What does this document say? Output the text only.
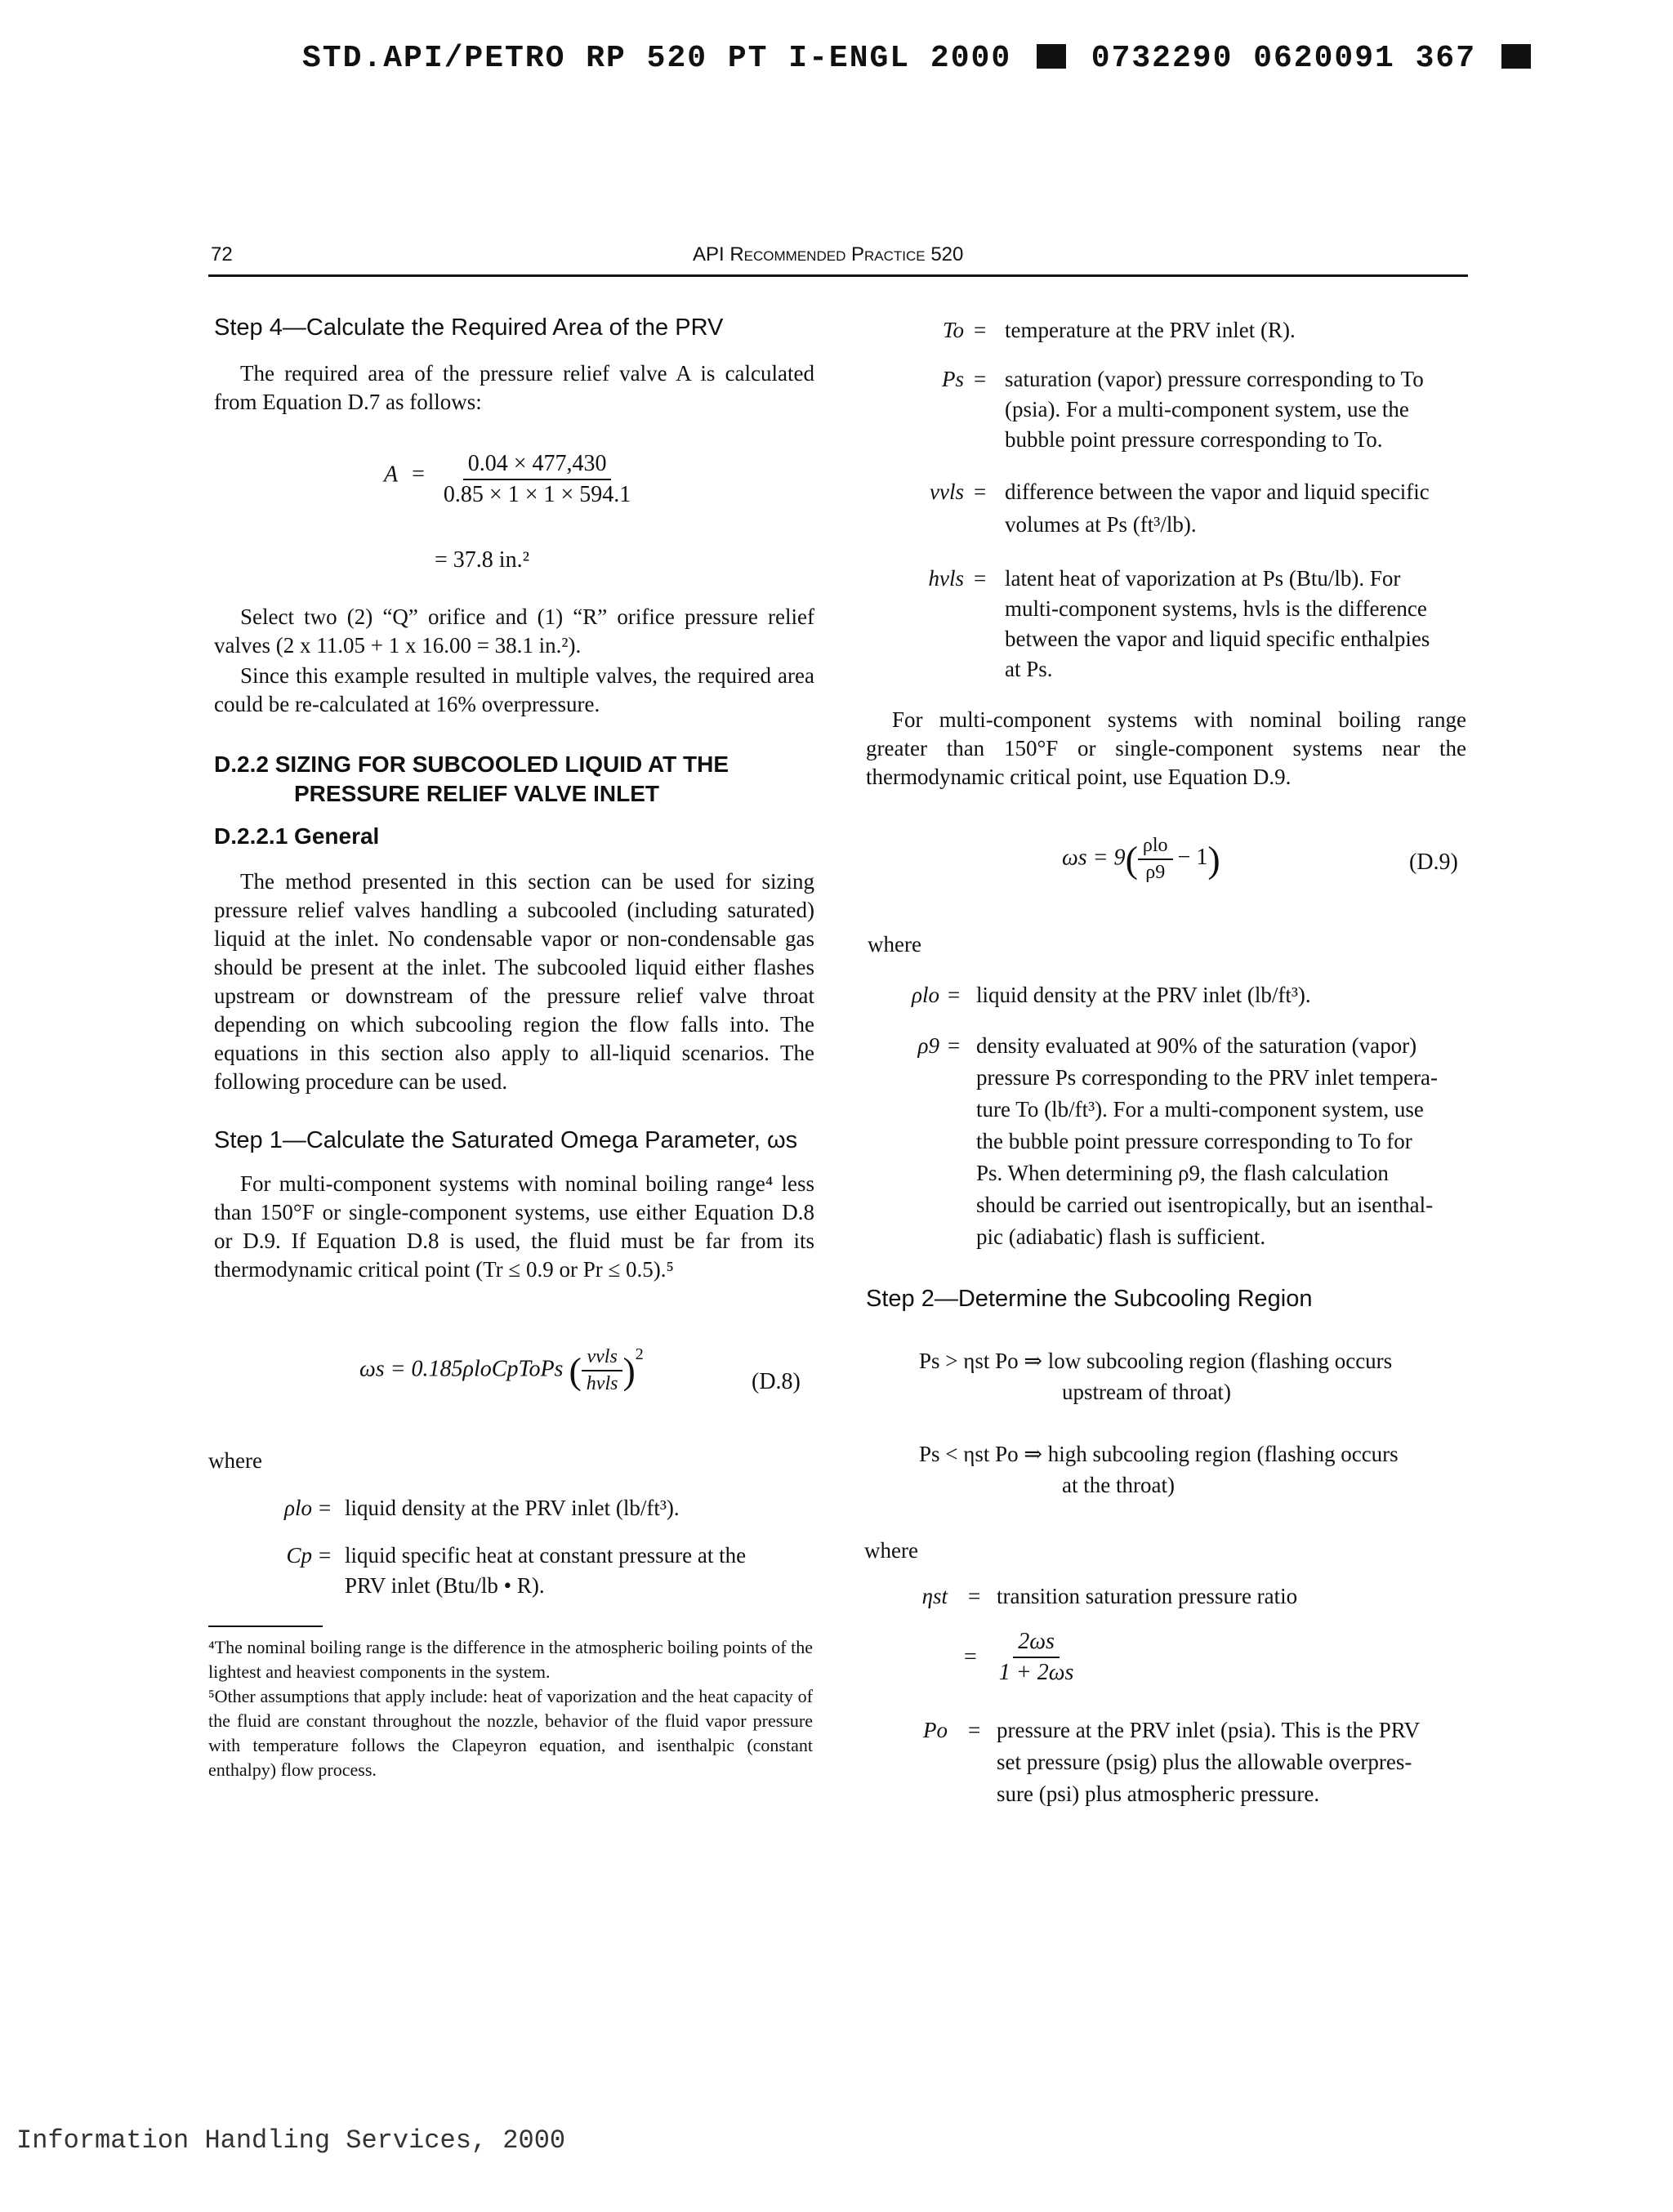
STD.API/PETRO RP 520 PT I-ENGL 2000	0732290 0620091 367
72	API Recommended Practice 520
Step 4—Calculate the Required Area of the PRV
The required area of the pressure relief valve A is calculated from Equation D.7 as follows:
$A = \frac{0.04 \times 477,430}{0.85 \times 1 \times 1 \times 594.1}$
= 37.8 in.²
Select two (2) “Q” orifice and (1) “R” orifice pressure relief valves (2 x 11.05 + 1 x 16.00 = 38.1 in.²).
Since this example resulted in multiple valves, the required area could be re-calculated at 16% overpressure.
D.2.2 SIZING FOR SUBCOOLED LIQUID AT THE
PRESSURE RELIEF VALVE INLET
D.2.2.1 General
The method presented in this section can be used for sizing pressure relief valves handling a subcooled (including saturated) liquid at the inlet. No condensable vapor or non-condensable gas should be present at the inlet. The subcooled liquid either flashes upstream or downstream of the pressure relief valve throat depending on which subcooling region the flow falls into. The equations in this section also apply to all-liquid scenarios. The following procedure can be used.
Step 1—Calculate the Saturated Omega Parameter, ωs
For multi-component systems with nominal boiling range⁴ less than 150°F or single-component systems, use either Equation D.8 or D.9. If Equation D.8 is used, the fluid must be far from its thermodynamic critical point (Tr ≤ 0.9 or Pr ≤ 0.5).⁵
ωs = 0.185ρloCpToPs ( $\frac{\text{vvls}}{\text{hvls}} )^2$
(D.8)
where
ρlo = liquid density at the PRV inlet (lb/ft³).
Cp = liquid specific heat at constant pressure at the
PRV inlet (Btu/lb • R).
⁴The nominal boiling range is the difference in the atmospheric boiling points of the lightest and heaviest components in the system.
⁵Other assumptions that apply include: heat of vaporization and the heat capacity of the fluid are constant throughout the nozzle, behavior of the fluid vapor pressure with temperature follows the Clapeyron equation, and isenthalpic (constant enthalpy) flow process.
To = temperature at the PRV inlet (R).
Ps = saturation (vapor) pressure corresponding to To
(psia). For a multi-component system, use the
bubble point pressure corresponding to To.
vvls = difference between the vapor and liquid specific
volumes at Ps (ft³/lb).
hvls = latent heat of vaporization at Ps (Btu/lb). For
multi-component systems, hvls is the difference
between the vapor and liquid specific enthalpies
at Ps.
For multi-component systems with nominal boiling range greater than 150°F or single-component systems near the thermodynamic critical point, use Equation D.9.
$\omega s = 9( \frac{\text{ρlo}}{\rho 9} - 1)$	(D.9)
where
ρlo = liquid density at the PRV inlet (lb/ft³).
ρ9 = density evaluated at 90% of the saturation (vapor)
pressure Ps corresponding to the PRV inlet tempera-
ture To (lb/ft³). For a multi-component system, use
the bubble point pressure corresponding to To for
Ps. When determining ρ9, the flash calculation
should be carried out isentropically, but an isenthal-
pic (adiabatic) flash is sufficient.
Step 2—Determine the Subcooling Region
Ps > ηst Po ⇒ low subcooling region (flashing occurs
upstream of throat)
Ps < ηst Po ⇒ high subcooling region (flashing occurs
at the throat)
where
ηst = transition saturation pressure ratio
= $\frac{2\omega s}{1 + 2\omega s}$
Po = pressure at the PRV inlet (psia). This is the PRV
set pressure (psig) plus the allowable overpres-
sure (psi) plus atmospheric pressure.
Information Handling Services, 2000
